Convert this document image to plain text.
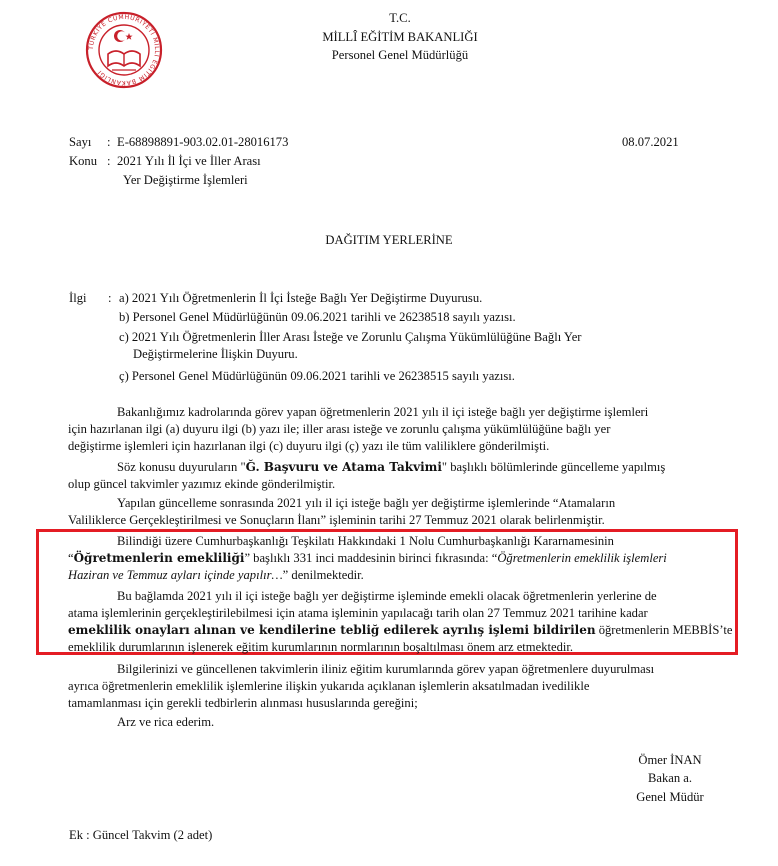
TÜRKİYE CUMHURİYETİ MİLLÎ EĞİTİM BAKANLIĞI
T.C.
MİLLÎ EĞİTİM BAKANLIĞI
Personel Genel Müdürlüğü
Sayı : E-68898891-903.02.01-28016173	08.07.2021
Konu : 2021 Yılı İl İçi ve İller Arası
Yer Değiştirme İşlemleri
DAĞITIM YERLERİNE
İlgi : a) 2021 Yılı Öğretmenlerin İl İçi İsteğe Bağlı Yer Değiştirme Duyurusu.
b) Personel Genel Müdürlüğünün 09.06.2021 tarihli ve 26238518 sayılı yazısı.
c) 2021 Yılı Öğretmenlerin İller Arası İsteğe ve Zorunlu Çalışma Yükümlülüğüne Bağlı Yer
Değiştirmelerine İlişkin Duyuru.
ç) Personel Genel Müdürlüğünün 09.06.2021 tarihli ve 26238515 sayılı yazısı.
Bakanlığımız kadrolarında görev yapan öğretmenlerin 2021 yılı il içi isteğe bağlı yer değiştirme işlemleri
için hazırlanan ilgi (a) duyuru ilgi (b) yazı ile; iller arası isteğe ve zorunlu çalışma yükümlülüğüne bağlı yer
değiştirme işlemleri için hazırlanan ilgi (c) duyuru ilgi (ç) yazı ile tüm valiliklere gönderilmişti.
Söz konusu duyuruların "Ğ. Başvuru ve Atama Takvimi" başlıklı bölümlerinde güncelleme yapılmış
olup güncel takvimler yazımız ekinde gönderilmiştir.
Yapılan güncelleme sonrasında 2021 yılı il içi isteğe bağlı yer değiştirme işlemlerinde “Atamaların
Valiliklerce Gerçekleştirilmesi ve Sonuçların İlanı” işleminin tarihi 27 Temmuz 2021 olarak belirlenmiştir.
Bilindiği üzere Cumhurbaşkanlığı Teşkilatı Hakkındaki 1 Nolu Cumhurbaşkanlığı Kararnamesinin
“Öğretmenlerin emekliliği” başlıklı 331 inci maddesinin birinci fıkrasında: “Öğretmenlerin emeklilik işlemleri
Haziran ve Temmuz ayları içinde yapılır…” denilmektedir.
Bu bağlamda 2021 yılı il içi isteğe bağlı yer değiştirme işleminde emekli olacak öğretmenlerin yerlerine de
atama işlemlerinin gerçekleştirilebilmesi için atama işleminin yapılacağı tarih olan 27 Temmuz 2021 tarihine kadar
emeklilik onayları alınan ve kendilerine tebliğ edilerek ayrılış işlemi bildirilen öğretmenlerin MEBBİS’te
emeklilik durumlarının işlenerek eğitim kurumlarının normlarının boşaltılması önem arz etmektedir.
Bilgilerinizi ve güncellenen takvimlerin iliniz eğitim kurumlarında görev yapan öğretmenlere duyurulması
ayrıca öğretmenlerin emeklilik işlemlerine ilişkin yukarıda açıklanan işlemlerin aksatılmadan ivedilikle
tamamlanması için gerekli tedbirlerin alınması hususlarında gereğini;
Arz ve rica ederim.
Ömer İNAN
Bakan a.
Genel Müdür
Ek : Güncel Takvim (2 adet)
